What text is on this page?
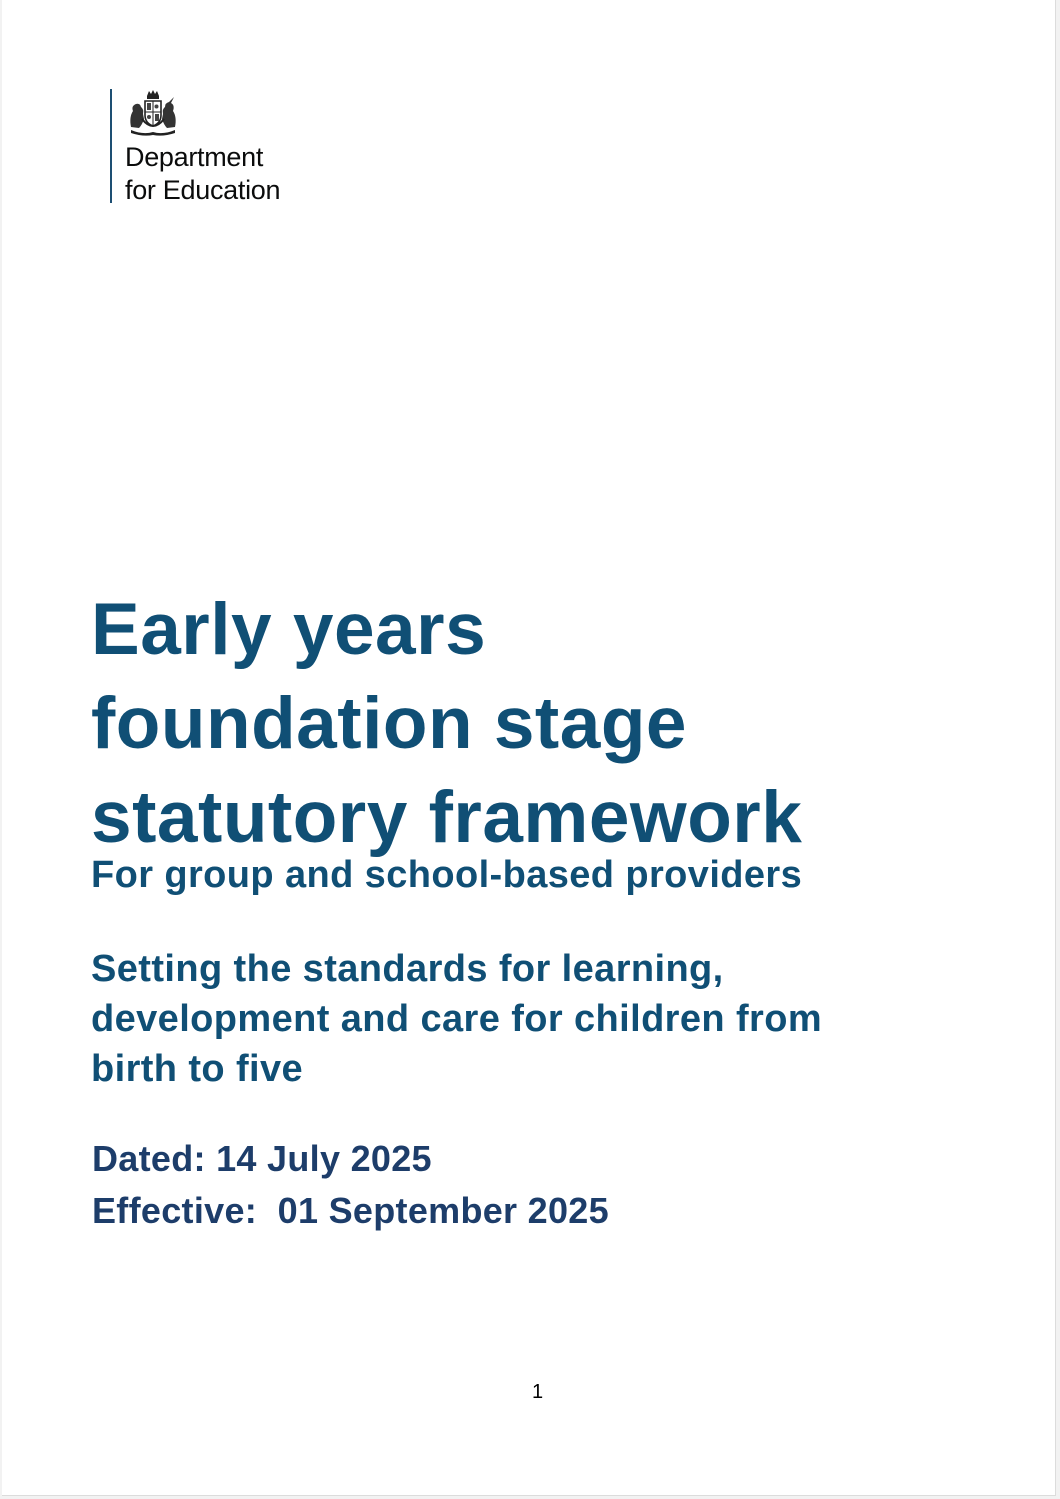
Department
for Education
Early years
foundation stage
statutory framework
For group and school-based providers

Setting the standards for learning,
development and care for children from
birth to five

Dated: 14 July 2025
Effective:  01 September 2025
1
